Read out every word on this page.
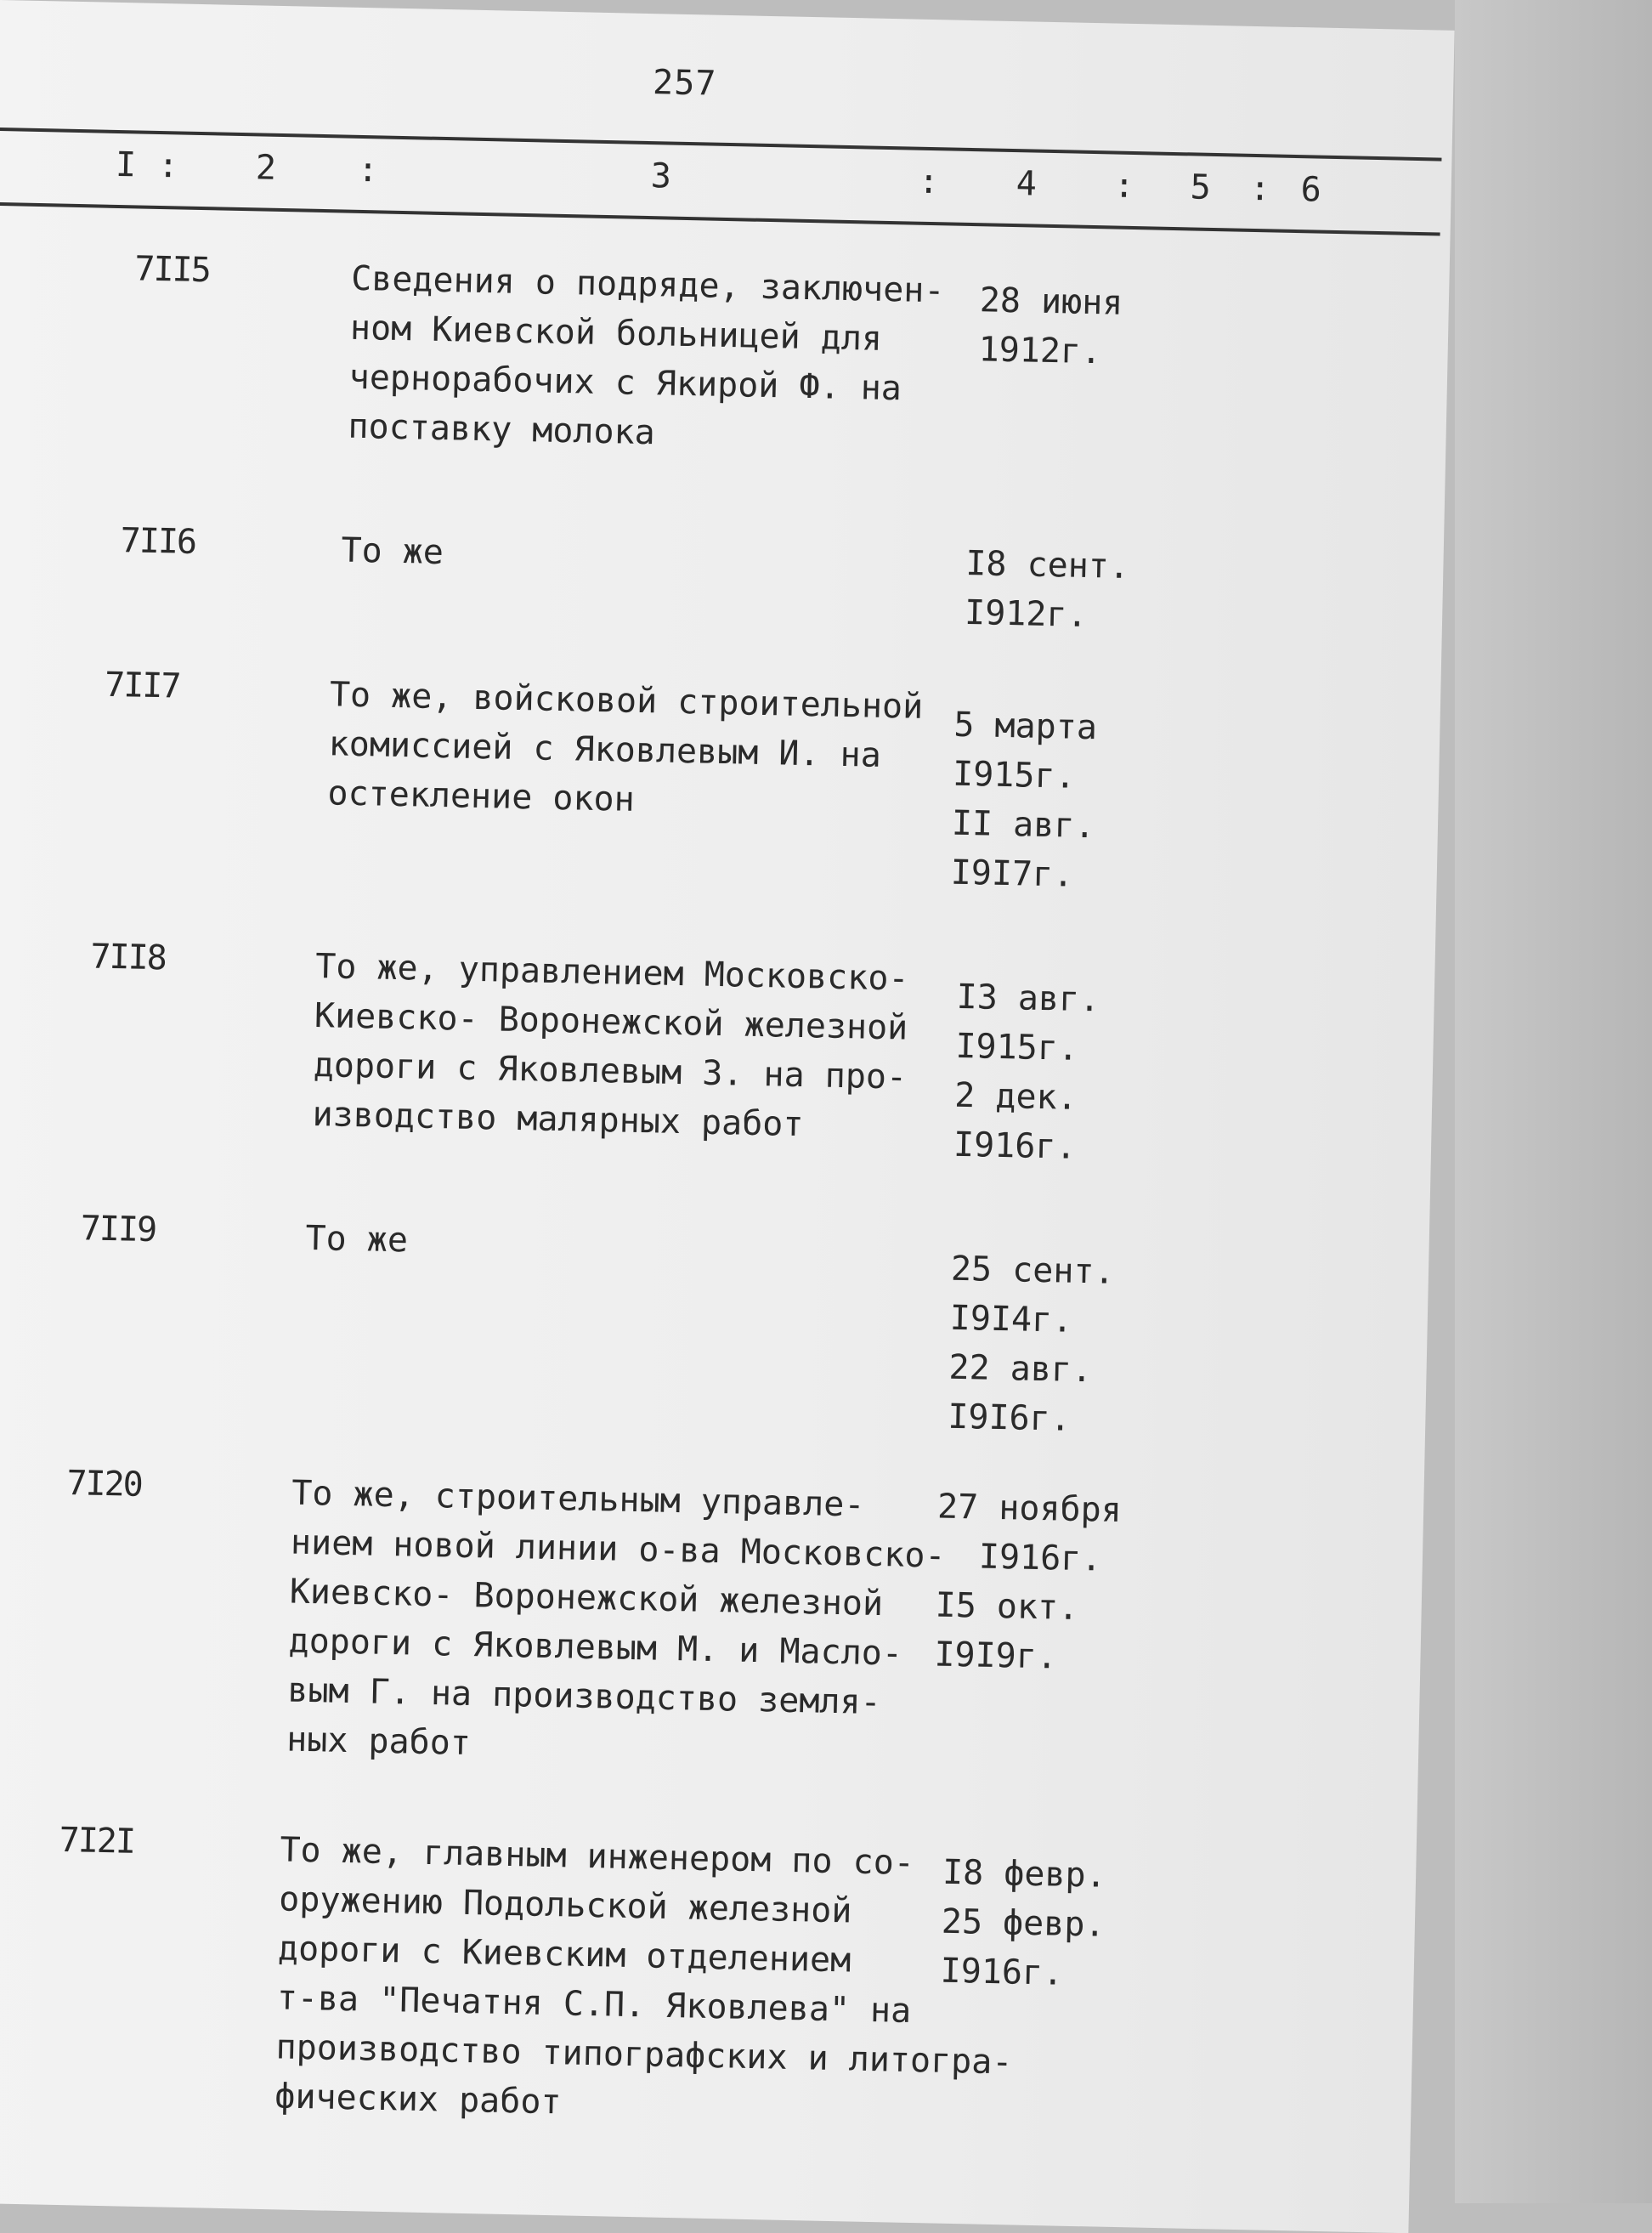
257
I : 2 :	3	: 4 : 5 : 6
7II5	Сведения о подряде, заключен-
ном Киевской больницей для
чернорабочих с Якирой Ф. на
поставку молока
28 июня
1912г.
7II6	То же	I8 сент.
I912г.
7II7	То же, войсковой строительной
комиссией с Яковлевым И. на
остекление окон
5 марта
I915г.
II авг.
I9I7г.
7II8	То же, управлением Московско-
Киевско- Воронежской железной
дороги с Яковлевым З. на про-
изводство малярных работ
I3 авг.
I915г.
2 дек.
I916г.
7II9	То же
25 сент.
I9I4г.
22 авг.
I9I6г.
7I20	То же, строительным управле-
нием новой линии о-ва Московско-
Киевско- Воронежской железной
дороги с Яковлевым М. и Масло-
вым Г. на производство земля-
ных работ
27 ноября
I916г.
I5 окт.
I9I9г.
7I2I	То же, главным инженером по со-
оружению Подольской железной
дороги с Киевским отделением
т-ва "Печатня С.П. Яковлева" на
производство типографских и литогра-
фических работ
I8 февр.
25 февр.
I916г.
